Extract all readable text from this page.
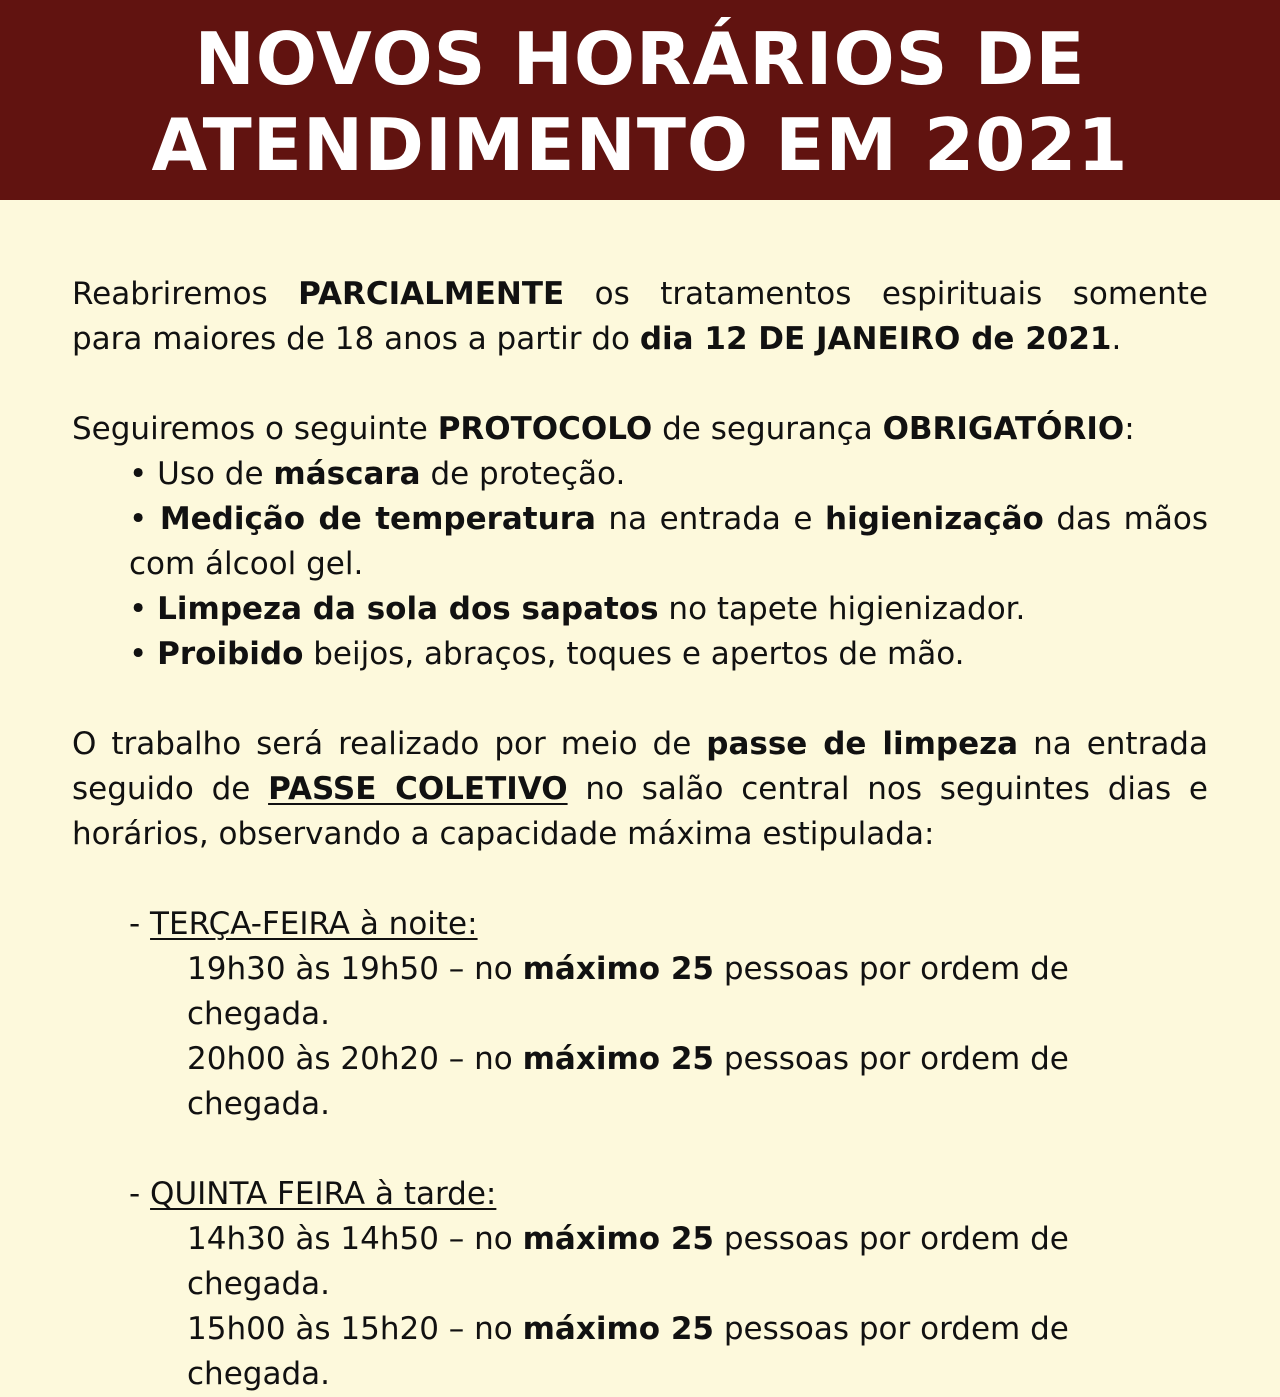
NOVOS HORÁRIOS DE
ATENDIMENTO EM 2021

Reabriremos PARCIALMENTE os tratamentos espirituais somente

para maiores de 18 anos a partir do dia 12 DE JANEIRO de 2021.

Seguiremos o seguinte PROTOCOLO de segurança OBRIGATÓRIO:

• Uso de máscara de proteção.

• Medição de temperatura na entrada e higienização das mãos

com álcool gel.

• Limpeza da sola dos sapatos no tapete higienizador.

• Proibido beijos, abraços, toques e apertos de mão.

O trabalho será realizado por meio de passe de limpeza na entrada

seguido de PASSE COLETIVO no salão central nos seguintes dias e

horários, observando a capacidade máxima estipulada:

- TERÇA-FEIRA à noite:

19h30 às 19h50 – no máximo 25 pessoas por ordem de chegada.

20h00 às 20h20 – no máximo 25 pessoas por ordem de chegada.

- QUINTA FEIRA à tarde:

14h30 às 14h50 – no máximo 25 pessoas por ordem de chegada.

15h00 às 15h20 – no máximo 25 pessoas por ordem de chegada.
